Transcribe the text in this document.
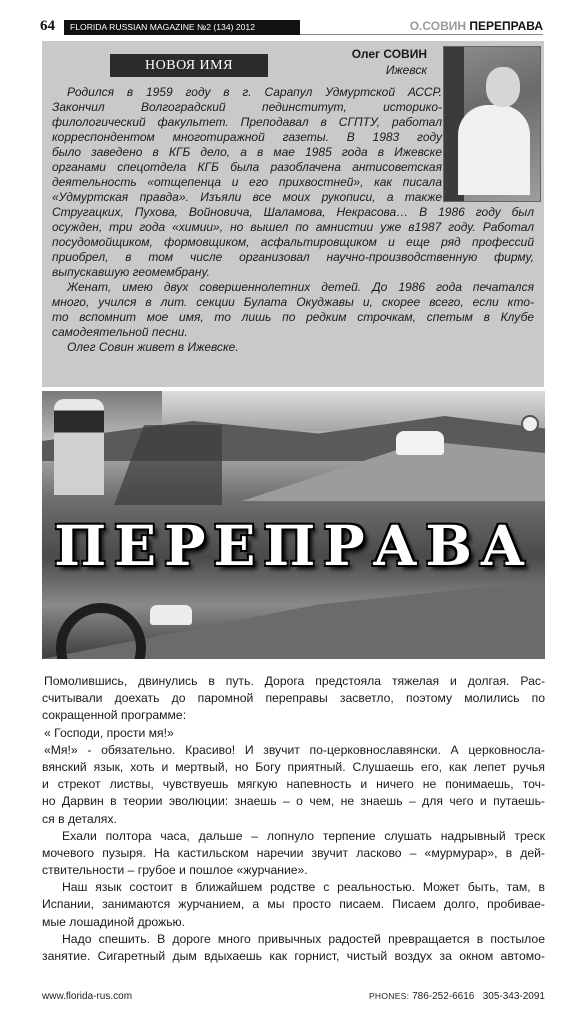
64	FLORIDA RUSSIAN MAGAZINE №2 (134) 2012	О.СОВИН ПЕРЕПРАВА
НОВОЯ ИМЯ
Олег СОВИН
Ижевск
Родился в 1959 году в г. Сарапул Удмуртской АССР.
Закончил Волгоградский пединститут, историко-
филологический факультет. Преподавал в СГПТУ, работал
корреспондентом многотиражной газеты. В 1983 году
было заведено в КГБ дело, а в мае 1985 года в Ижевске
органами спецотдела КГБ была разоблачена антисоветская
деятельность «отщепенца и его прихвостней», как писала
«Удмуртская правда». Изъяли все моих рукописи, а также
Стругацких, Пухова, Войновича, Шаламова, Некрасова… В 1986 году был
осужден, три года «химии», но вышел по амнистии уже в1987 году. Работал
посудомойщиком, формовщиком, асфальтировщиком и еще ряд профессий
приобрел, в том числе организовал научно-производственную фирму,
выпускавшую геомембрану.
Женат, имею двух совершеннолетних детей. До 1986 года печатался
много, учился в лит. секции Булата Окуджавы и, скорее всего, если кто-
то вспомнит мое имя, то лишь по редким строчкам, спетым в Клубе
самодеятельной песни.
Олег Совин живет в Ижевске.
ПЕРЕПРАВА
Помолившись, двинулись в путь. Дорога предстояла тяжелая и долгая. Рас-
считывали доехать до паромной переправы засветло, поэтому молились по
сокращенной программе:
« Господи, прости мя!»
«Мя!» - обязательно. Красиво! И звучит по-церковнославянски. А церковносла-
вянский язык, хоть и мертвый, но Богу приятный. Слушаешь его, как лепет ручья
и стрекот листвы, чувствуешь мягкую напевность и ничего не понимаешь, точ-
но Дарвин в теории эволюции: знаешь – о чем, не знаешь – для чего и путаешь-
ся в деталях.
Ехали полтора часа, дальше – лопнуло терпение слушать надрывный треск
мочевого пузыря. На кастильском наречии звучит ласково – «мурмурар», в дей-
ствительности – грубое и пошлое «журчание».
Наш язык состоит в ближайшем родстве с реальностью. Может быть, там, в
Испании, занимаются журчанием, а мы просто писаем. Писаем долго, пробивае-
мые лошадиной дрожью.
Надо спешить. В дороге много привычных радостей превращается в постылое
занятие. Сигаретный дым вдыхаешь как горнист, чистый воздух за окном автомо-
www.florida-rus.com	PHONES: 786-252-6616 305-343-2091
